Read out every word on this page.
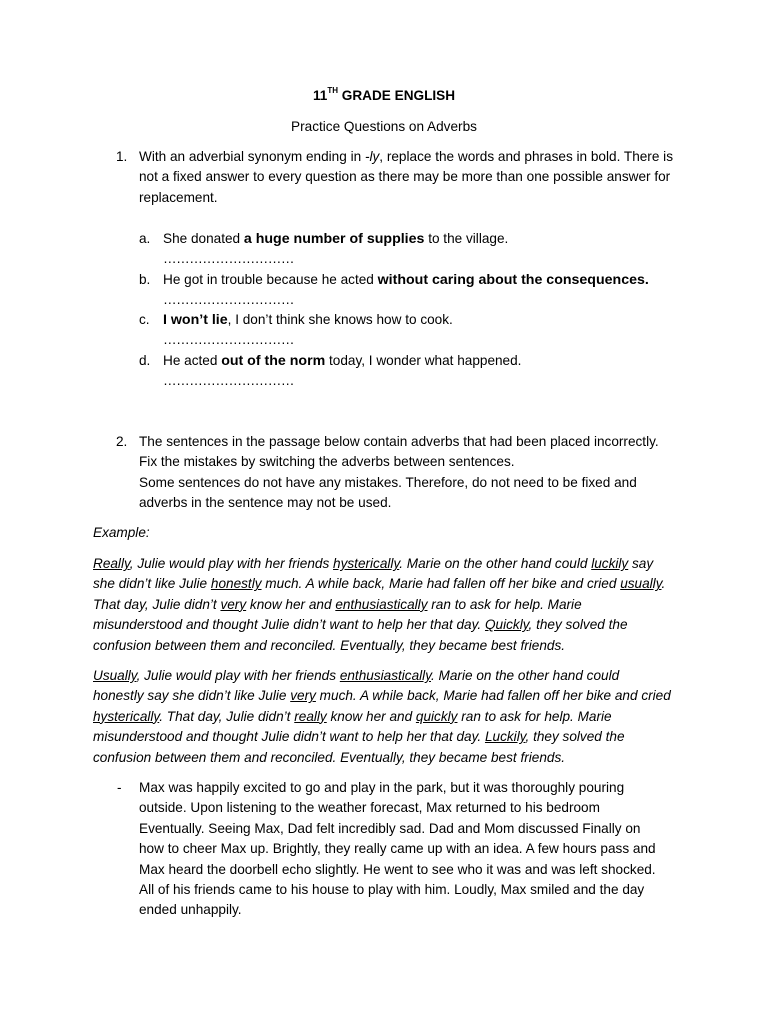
11TH GRADE ENGLISH
Practice Questions on Adverbs
1. With an adverbial synonym ending in -ly, replace the words and phrases in bold. There is not a fixed answer to every question as there may be more than one possible answer for replacement.
a. She donated a huge number of supplies to the village.
…………………………
b. He got in trouble because he acted without caring about the consequences.
…………………………
c. I won’t lie, I don’t think she knows how to cook.
…………………………
d. He acted out of the norm today, I wonder what happened.
…………………………
2. The sentences in the passage below contain adverbs that had been placed incorrectly. Fix the mistakes by switching the adverbs between sentences.
Some sentences do not have any mistakes. Therefore, do not need to be fixed and adverbs in the sentence may not be used.
Example:
Really, Julie would play with her friends hysterically. Marie on the other hand could luckily say she didn’t like Julie honestly much. A while back, Marie had fallen off her bike and cried usually. That day, Julie didn’t very know her and enthusiastically ran to ask for help. Marie misunderstood and thought Julie didn’t want to help her that day. Quickly, they solved the confusion between them and reconciled. Eventually, they became best friends.
Usually, Julie would play with her friends enthusiastically. Marie on the other hand could honestly say she didn’t like Julie very much. A while back, Marie had fallen off her bike and cried hysterically. That day, Julie didn’t really know her and quickly ran to ask for help. Marie misunderstood and thought Julie didn’t want to help her that day. Luckily, they solved the confusion between them and reconciled. Eventually, they became best friends.
- Max was happily excited to go and play in the park, but it was thoroughly pouring outside. Upon listening to the weather forecast, Max returned to his bedroom Eventually. Seeing Max, Dad felt incredibly sad. Dad and Mom discussed Finally on how to cheer Max up. Brightly, they really came up with an idea. A few hours pass and Max heard the doorbell echo slightly. He went to see who it was and was left shocked. All of his friends came to his house to play with him. Loudly, Max smiled and the day ended unhappily.
